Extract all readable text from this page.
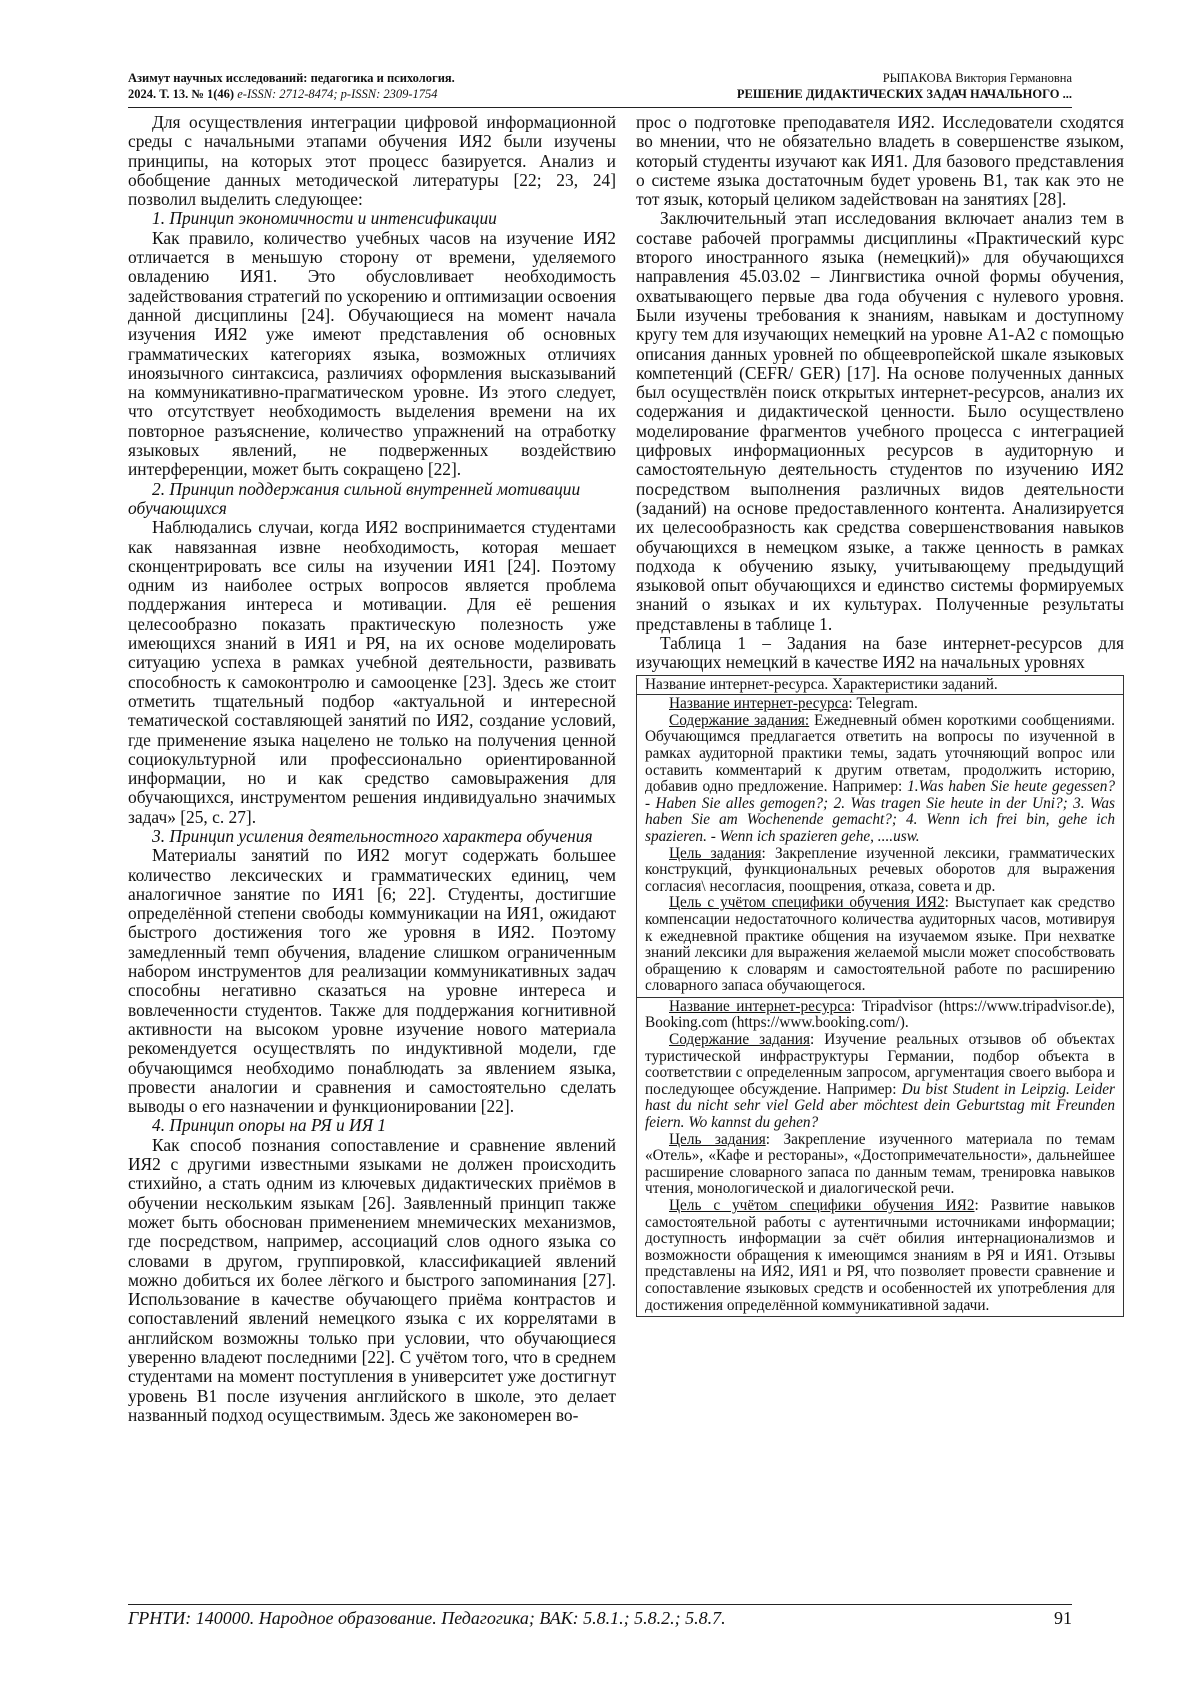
Азимут научных исследований: педагогика и психология.
2024. Т. 13. № 1(46) e-ISSN: 2712-8474; p-ISSN: 2309-1754
РЫПАКОВА Виктория Германовна
РЕШЕНИЕ ДИДАКТИЧЕСКИХ ЗАДАЧ НАЧАЛЬНОГО ...

Для осуществления интеграции цифровой информационной среды с начальными этапами обучения ИЯ2 были изучены принципы, на которых этот процесс базируется. Анализ и обобщение данных методической литературы [22; 23, 24] позволил выделить следующее:

1. Принцип экономичности и интенсификации

Как правило, количество учебных часов на изучение ИЯ2 отличается в меньшую сторону от времени, уделяемого овладению ИЯ1. Это обусловливает необходимость задействования стратегий по ускорению и оптимизации освоения данной дисциплины [24]. Обучающиеся на момент начала изучения ИЯ2 уже имеют представления об основных грамматических категориях языка, возможных отличиях иноязычного синтаксиса, различиях оформления высказываний на коммуникативно-прагматическом уровне. Из этого следует, что отсутствует необходимость выделения времени на их повторное разъяснение, количество упражнений на отработку языковых явлений, не подверженных воздействию интерференции, может быть сокращено [22].

2. Принцип поддержания сильной внутренней мотивации обучающихся

Наблюдались случаи, когда ИЯ2 воспринимается студентами как навязанная извне необходимость, которая мешает сконцентрировать все силы на изучении ИЯ1 [24]. Поэтому одним из наиболее острых вопросов является проблема поддержания интереса и мотивации. Для её решения целесообразно показать практическую полезность уже имеющихся знаний в ИЯ1 и РЯ, на их основе моделировать ситуацию успеха в рамках учебной деятельности, развивать способность к самоконтролю и самооценке [23]. Здесь же стоит отметить тщательный подбор «актуальной и интересной тематической составляющей занятий по ИЯ2, создание условий, где применение языка нацелено не только на получения ценной социокультурной или профессионально ориентированной информации, но и как средство самовыражения для обучающихся, инструментом решения индивидуально значимых задач» [25, с. 27].

3. Принцип усиления деятельностного характера обучения

Материалы занятий по ИЯ2 могут содержать большее количество лексических и грамматических единиц, чем аналогичное занятие по ИЯ1 [6; 22]. Студенты, достигшие определённой степени свободы коммуникации на ИЯ1, ожидают быстрого достижения того же уровня в ИЯ2. Поэтому замедленный темп обучения, владение слишком ограниченным набором инструментов для реализации коммуникативных задач способны негативно сказаться на уровне интереса и вовлеченности студентов. Также для поддержания когнитивной активности на высоком уровне изучение нового материала рекомендуется осуществлять по индуктивной модели, где обучающимся необходимо понаблюдать за явлением языка, провести аналогии и сравнения и самостоятельно сделать выводы о его назначении и функционировании [22].

4. Принцип опоры на РЯ и ИЯ 1

Как способ познания сопоставление и сравнение явлений ИЯ2 с другими известными языками не должен происходить стихийно, а стать одним из ключевых дидактических приёмов в обучении нескольким языкам [26]. Заявленный принцип также может быть обоснован применением мнемических механизмов, где посредством, например, ассоциаций слов одного языка со словами в другом, группировкой, классификацией явлений можно добиться их более лёгкого и быстрого запоминания [27]. Использование в качестве обучающего приёма контрастов и сопоставлений явлений немецкого языка с их коррелятами в английском возможны только при условии, что обучающиеся уверенно владеют последними [22]. С учётом того, что в среднем студентами на момент поступления в университет уже достигнут уровень B1 после изучения английского в школе, это делает названный подход осуществимым. Здесь же закономерен во-

прос о подготовке преподавателя ИЯ2. Исследователи сходятся во мнении, что не обязательно владеть в совершенстве языком, который студенты изучают как ИЯ1. Для базового представления о системе языка достаточным будет уровень B1, так как это не тот язык, который целиком задействован на занятиях [28].

Заключительный этап исследования включает анализ тем в составе рабочей программы дисциплины «Практический курс второго иностранного языка (немецкий)» для обучающихся направления 45.03.02 – Лингвистика очной формы обучения, охватывающего первые два года обучения с нулевого уровня. Были изучены требования к знаниям, навыкам и доступному кругу тем для изучающих немецкий на уровне A1-A2 с помощью описания данных уровней по общеевропейской шкале языковых компетенций (CEFR/ GER) [17]. На основе полученных данных был осуществлён поиск открытых интернет-ресурсов, анализ их содержания и дидактической ценности. Было осуществлено моделирование фрагментов учебного процесса с интеграцией цифровых информационных ресурсов в аудиторную и самостоятельную деятельность студентов по изучению ИЯ2 посредством выполнения различных видов деятельности (заданий) на основе предоставленного контента. Анализируется их целесообразность как средства совершенствования навыков обучающихся в немецком языке, а также ценность в рамках подхода к обучению языку, учитывающему предыдущий языковой опыт обучающихся и единство системы формируемых знаний о языках и их культурах. Полученные результаты представлены в таблице 1.

Таблица 1 – Задания на базе интернет-ресурсов для изучающих немецкий в качестве ИЯ2 на начальных уровнях

Название интернет-ресурса. Характеристики заданий.

Название интернет-ресурса: Telegram.

Содержание задания: Ежедневный обмен короткими сообщениями. Обучающимся предлагается ответить на вопросы по изученной в рамках аудиторной практики темы, задать уточняющий вопрос или оставить комментарий к другим ответам, продолжить историю, добавив одно предложение. Например: 1.Was haben Sie heute gegessen? - Haben Sie alles gemogen?; 2. Was tragen Sie heute in der Uni?; 3. Was haben Sie am Wochenende gemacht?; 4. Wenn ich frei bin, gehe ich spazieren. - Wenn ich spazieren gehe, ....usw.

Цель задания: Закрепление изученной лексики, грамматических конструкций, функциональных речевых оборотов для выражения согласия\ несогласия, поощрения, отказа, совета и др.

Цель с учётом специфики обучения ИЯ2: Выступает как средство компенсации недостаточного количества аудиторных часов, мотивируя к ежедневной практике общения на изучаемом языке. При нехватке знаний лексики для выражения желаемой мысли может способствовать обращению к словарям и самостоятельной работе по расширению словарного запаса обучающегося.

Название интернет-ресурса: Tripadvisor (https://www.tripadvisor.de), Booking.com (https://www.booking.com/).

Содержание задания: Изучение реальных отзывов об объектах туристической инфраструктуры Германии, подбор объекта в соответствии с определенным запросом, аргументация своего выбора и последующее обсуждение. Например: Du bist Student in Leipzig. Leider hast du nicht sehr viel Geld aber möchtest dein Geburtstag mit Freunden feiern. Wo kannst du gehen?

Цель задания: Закрепление изученного материала по темам «Отель», «Кафе и рестораны», «Достопримечательности», дальнейшее расширение словарного запаса по данным темам, тренировка навыков чтения, монологической и диалогической речи.

Цель с учётом специфики обучения ИЯ2: Развитие навыков самостоятельной работы с аутентичными источниками информации; доступность информации за счёт обилия интернационализмов и возможности обращения к имеющимся знаниям в РЯ и ИЯ1. Отзывы представлены на ИЯ2, ИЯ1 и РЯ, что позволяет провести сравнение и сопоставление языковых средств и особенностей их употребления для достижения определённой коммуникативной задачи.

ГРНТИ: 140000. Народное образование. Педагогика; ВАК: 5.8.1.; 5.8.2.; 5.8.7.	91
